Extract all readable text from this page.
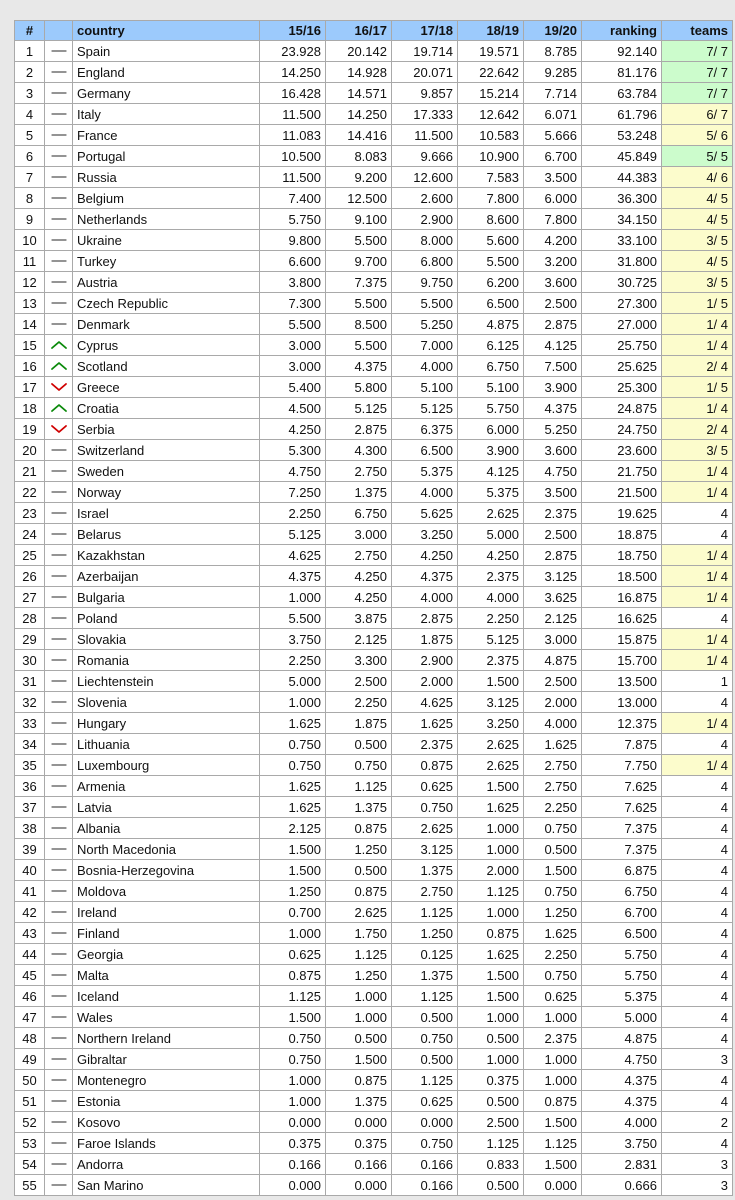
#		country	15/16	16/17	17/18	18/19	19/20	ranking	teams
1		Spain	23.928	20.142	19.714	19.571	8.785	92.140	7/ 7
2		England	14.250	14.928	20.071	22.642	9.285	81.176	7/ 7
3		Germany	16.428	14.571	9.857	15.214	7.714	63.784	7/ 7
4		Italy	11.500	14.250	17.333	12.642	6.071	61.796	6/ 7
5		France	11.083	14.416	11.500	10.583	5.666	53.248	5/ 6
6		Portugal	10.500	8.083	9.666	10.900	6.700	45.849	5/ 5
7		Russia	11.500	9.200	12.600	7.583	3.500	44.383	4/ 6
8		Belgium	7.400	12.500	2.600	7.800	6.000	36.300	4/ 5
9		Netherlands	5.750	9.100	2.900	8.600	7.800	34.150	4/ 5
10		Ukraine	9.800	5.500	8.000	5.600	4.200	33.100	3/ 5
11		Turkey	6.600	9.700	6.800	5.500	3.200	31.800	4/ 5
12		Austria	3.800	7.375	9.750	6.200	3.600	30.725	3/ 5
13		Czech Republic	7.300	5.500	5.500	6.500	2.500	27.300	1/ 5
14		Denmark	5.500	8.500	5.250	4.875	2.875	27.000	1/ 4
15		Cyprus	3.000	5.500	7.000	6.125	4.125	25.750	1/ 4
16		Scotland	3.000	4.375	4.000	6.750	7.500	25.625	2/ 4
17		Greece	5.400	5.800	5.100	5.100	3.900	25.300	1/ 5
18		Croatia	4.500	5.125	5.125	5.750	4.375	24.875	1/ 4
19		Serbia	4.250	2.875	6.375	6.000	5.250	24.750	2/ 4
20		Switzerland	5.300	4.300	6.500	3.900	3.600	23.600	3/ 5
21		Sweden	4.750	2.750	5.375	4.125	4.750	21.750	1/ 4
22		Norway	7.250	1.375	4.000	5.375	3.500	21.500	1/ 4
23		Israel	2.250	6.750	5.625	2.625	2.375	19.625	4
24		Belarus	5.125	3.000	3.250	5.000	2.500	18.875	4
25		Kazakhstan	4.625	2.750	4.250	4.250	2.875	18.750	1/ 4
26		Azerbaijan	4.375	4.250	4.375	2.375	3.125	18.500	1/ 4
27		Bulgaria	1.000	4.250	4.000	4.000	3.625	16.875	1/ 4
28		Poland	5.500	3.875	2.875	2.250	2.125	16.625	4
29		Slovakia	3.750	2.125	1.875	5.125	3.000	15.875	1/ 4
30		Romania	2.250	3.300	2.900	2.375	4.875	15.700	1/ 4
31		Liechtenstein	5.000	2.500	2.000	1.500	2.500	13.500	1
32		Slovenia	1.000	2.250	4.625	3.125	2.000	13.000	4
33		Hungary	1.625	1.875	1.625	3.250	4.000	12.375	1/ 4
34		Lithuania	0.750	0.500	2.375	2.625	1.625	7.875	4
35		Luxembourg	0.750	0.750	0.875	2.625	2.750	7.750	1/ 4
36		Armenia	1.625	1.125	0.625	1.500	2.750	7.625	4
37		Latvia	1.625	1.375	0.750	1.625	2.250	7.625	4
38		Albania	2.125	0.875	2.625	1.000	0.750	7.375	4
39		North Macedonia	1.500	1.250	3.125	1.000	0.500	7.375	4
40		Bosnia-Herzegovina	1.500	0.500	1.375	2.000	1.500	6.875	4
41		Moldova	1.250	0.875	2.750	1.125	0.750	6.750	4
42		Ireland	0.700	2.625	1.125	1.000	1.250	6.700	4
43		Finland	1.000	1.750	1.250	0.875	1.625	6.500	4
44		Georgia	0.625	1.125	0.125	1.625	2.250	5.750	4
45		Malta	0.875	1.250	1.375	1.500	0.750	5.750	4
46		Iceland	1.125	1.000	1.125	1.500	0.625	5.375	4
47		Wales	1.500	1.000	0.500	1.000	1.000	5.000	4
48		Northern Ireland	0.750	0.500	0.750	0.500	2.375	4.875	4
49		Gibraltar	0.750	1.500	0.500	1.000	1.000	4.750	3
50		Montenegro	1.000	0.875	1.125	0.375	1.000	4.375	4
51		Estonia	1.000	1.375	0.625	0.500	0.875	4.375	4
52		Kosovo	0.000	0.000	0.000	2.500	1.500	4.000	2
53		Faroe Islands	0.375	0.375	0.750	1.125	1.125	3.750	4
54		Andorra	0.166	0.166	0.166	0.833	1.500	2.831	3
55		San Marino	0.000	0.000	0.166	0.500	0.000	0.666	3
